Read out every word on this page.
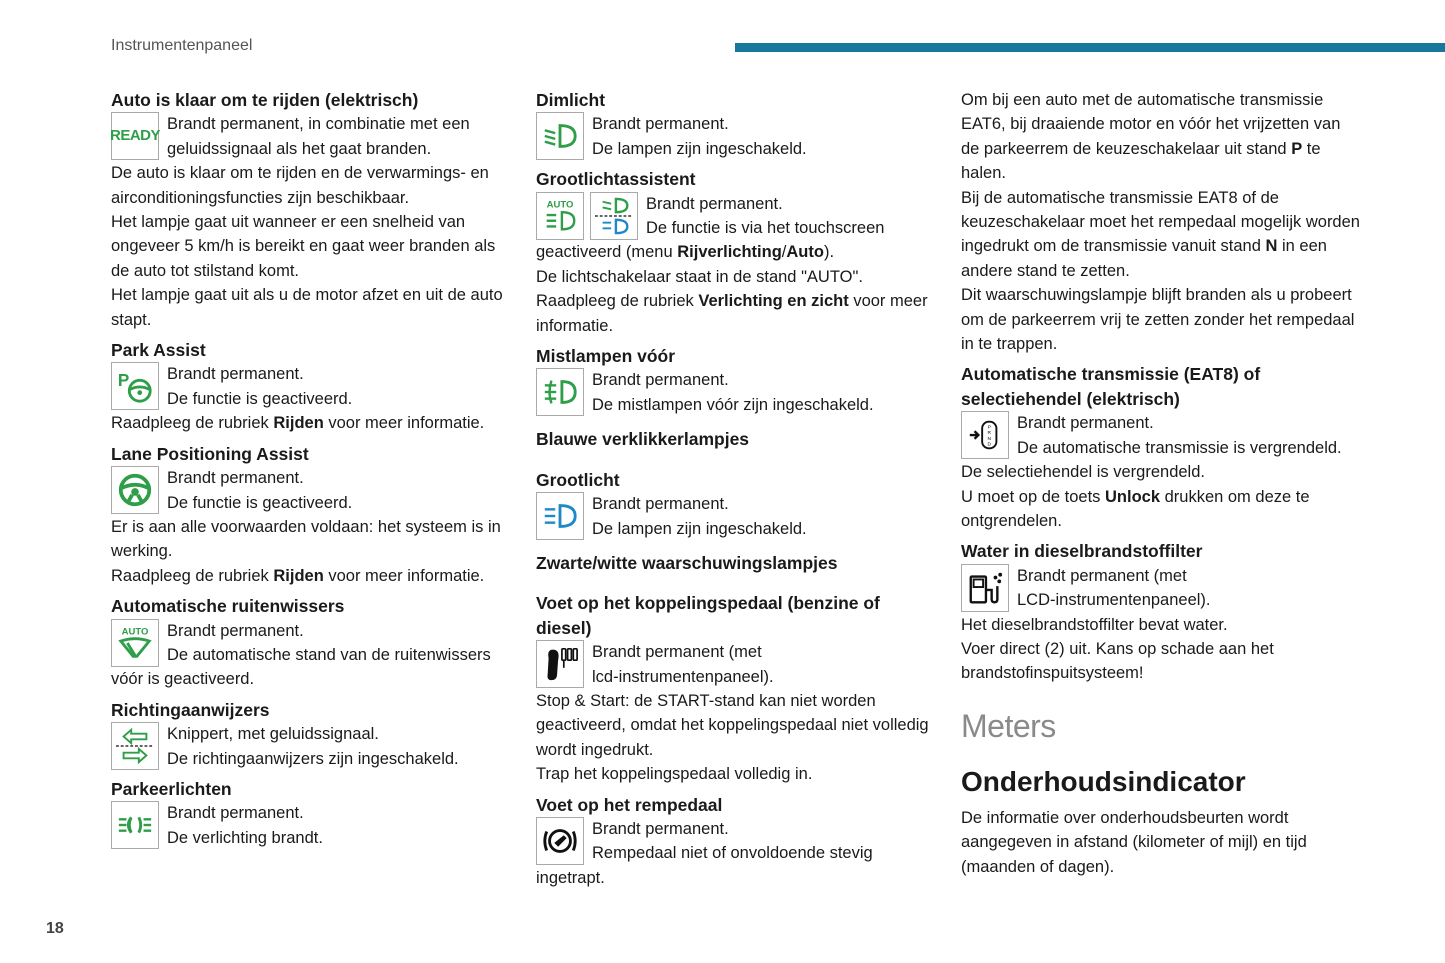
Instrumentenpaneel
18
Auto is klaar om te rijden (elektrisch)
READY
Brandt permanent, in combinatie met een
geluidssignaal als het gaat branden.

De auto is klaar om te rijden en de verwarmings- en airconditioningsfuncties zijn beschikbaar.

Het lampje gaat uit wanneer er een snelheid van ongeveer 5 km/h is bereikt en gaat weer branden als de auto tot stilstand komt.

Het lampje gaat uit als u de motor afzet en uit de auto stapt.

Park Assist
P Brandt permanent.
De functie is geactiveerd.

Raadpleeg de rubriek Rijden voor meer informatie.

Lane Positioning Assist
Brandt permanent.
De functie is geactiveerd.

Er is aan alle voorwaarden voldaan: het systeem is in werking.

Raadpleeg de rubriek Rijden voor meer informatie.

Automatische ruitenwissers
AUTO Brandt permanent.
De automatische stand van de ruitenwissers

vóór is geactiveerd.

Richtingaanwijzers
Knippert, met geluidssignaal.
De richtingaanwijzers zijn ingeschakeld.
Parkeerlichten
Brandt permanent.
De verlichting brandt.
Dimlicht
Brandt permanent.
De lampen zijn ingeschakeld.
Grootlichtassistent
AUTO	Brandt permanent.
De functie is via het touchscreen

geactiveerd (menu Rijverlichting/Auto).

De lichtschakelaar staat in de stand "AUTO".

Raadpleeg de rubriek Verlichting en zicht voor meer informatie.

Mistlampen vóór
Brandt permanent.
De mistlampen vóór zijn ingeschakeld.
Blauwe verklikkerlampjes
Grootlicht
Brandt permanent.
De lampen zijn ingeschakeld.
Zwarte/witte waarschuwingslampjes
Voet op het koppelingspedaal (benzine of diesel)
Brandt permanent (met
lcd-instrumentenpaneel).

Stop & Start: de START-stand kan niet worden geactiveerd, omdat het koppelingspedaal niet volledig wordt ingedrukt.

Trap het koppelingspedaal volledig in.

Voet op het rempedaal
Brandt permanent.
Rempedaal niet of onvoldoende stevig

ingetrapt.

Om bij een auto met de automatische transmissie EAT6, bij draaiende motor en vóór het vrijzetten van de parkeerrem de keuzeschakelaar uit stand P te halen.

Bij de automatische transmissie EAT8 of de keuzeschakelaar moet het rempedaal mogelijk worden ingedrukt om de transmissie vanuit stand N in een andere stand te zetten.

Dit waarschuwingslampje blijft branden als u probeert om de parkeerrem vrij te zetten zonder het rempedaal in te trappen.

Automatische transmissie (EAT8) of selectiehendel (elektrisch)
P
R
N
D
Brandt permanent.
De automatische transmissie is vergrendeld.

De selectiehendel is vergrendeld.

U moet op de toets Unlock drukken om deze te ontgrendelen.

Water in dieselbrandstoffilter
Brandt permanent (met
LCD-instrumentenpaneel).

Het dieselbrandstoffilter bevat water.

Voer direct (2) uit. Kans op schade aan het brandstofinspuitsysteem!

Meters
Onderhoudsindicator

De informatie over onderhoudsbeurten wordt aangegeven in afstand (kilometer of mijl) en tijd (maanden of dagen).
